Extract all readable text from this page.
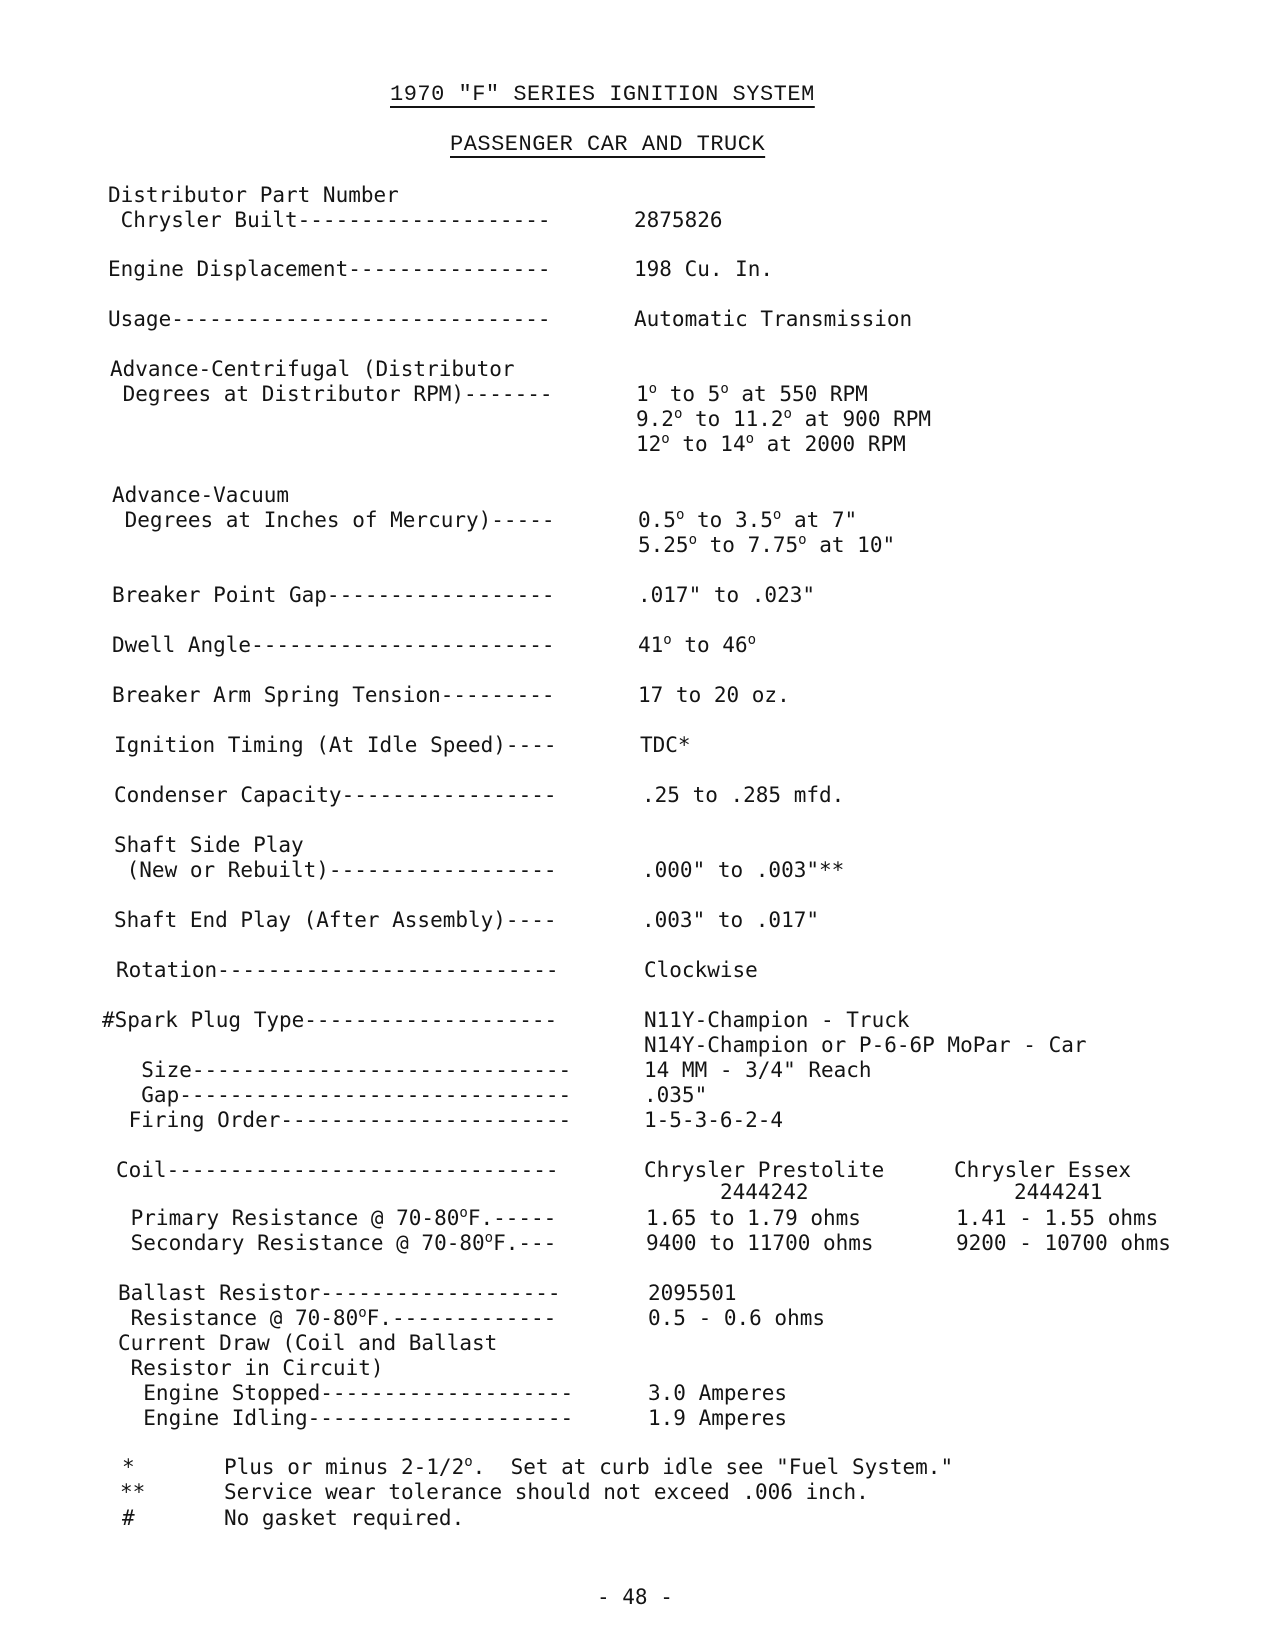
1970 "F" SERIES IGNITION SYSTEM
PASSENGER CAR AND TRUCK
Distributor Part Number
Chrysler Built--------------------	2875826
Engine Displacement----------------	198 Cu. In.
Usage------------------------------	Automatic Transmission
Advance-Centrifugal (Distributor
Degrees at Distributor RPM)-------	1$^o$ to 5$^o$ at 550 RPM
9.2$^o$ to 11.2$^o$ at 900 RPM
12$^o$ to 14$^o$ at 2000 RPM
Advance-Vacuum
Degrees at Inches of Mercury)-----	0.5$^o$ to 3.5$^o$ at 7"
5.25$^o$ to 7.75$^o$ at 10"
Breaker Point Gap------------------	.017" to .023"
Dwell Angle------------------------	41$^o$ to 46$^o$
Breaker Arm Spring Tension---------	17 to 20 oz.
Ignition Timing (At Idle Speed)----	TDC*
Condenser Capacity-----------------	.25 to .285 mfd.
Shaft Side Play
(New or Rebuilt)------------------	.000" to .003"**
Shaft End Play (After Assembly)----	.003" to .017"
Rotation---------------------------	Clockwise
#Spark Plug Type--------------------	N11Y-Champion - Truck
N14Y-Champion or P-6-6P MoPar - Car
Size------------------------------	14 MM - 3/4" Reach
Gap-------------------------------	.035"
Firing Order-----------------------	1-5-3-6-2-4
Coil-------------------------------	Chrysler Prestolite	Chrysler Essex
2444242	2444241
Primary Resistance @ 70-80$^o$F.-----	1.65 to 1.79 ohms	1.41 - 1.55 ohms
Secondary Resistance @ 70-80$^o$F.---	9400 to 11700 ohms	9200 - 10700 ohms
Ballast Resistor-------------------	2095501
Resistance @ 70-80$^o$F.-------------	0.5 - 0.6 ohms
Current Draw (Coil and Ballast
Resistor in Circuit)
Engine Stopped--------------------	3.0 Amperes
Engine Idling---------------------	1.9 Amperes
*	Plus or minus 2-1/2$^o$.  Set at curb idle see "Fuel System."
**	Service wear tolerance should not exceed .006 inch.
#	No gasket required.
- 48 -
